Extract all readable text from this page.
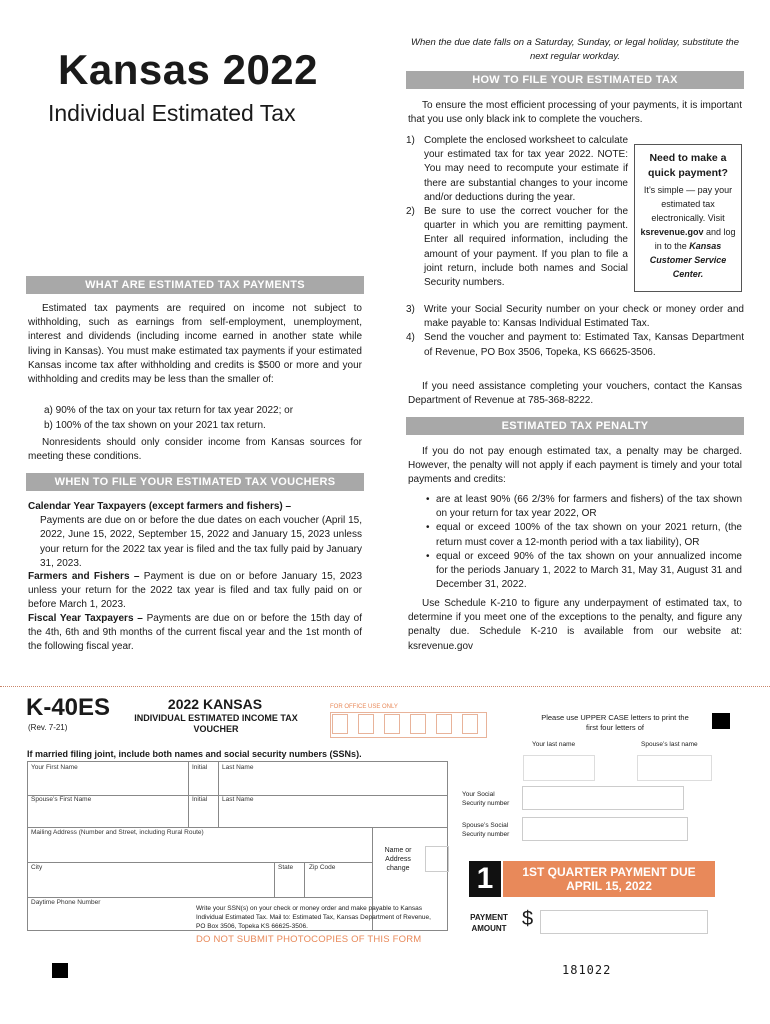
Kansas 2022
Individual Estimated Tax
WHAT ARE ESTIMATED TAX PAYMENTS
Estimated tax payments are required on income not subject to withholding, such as earnings from self-employment, unemployment, interest and dividends (including income earned in another state while living in Kansas). You must make estimated tax payments if your estimated Kansas income tax after withholding and credits is $500 or more and your withholding and credits may be less than the smaller of:
a) 90% of the tax on your tax return for tax year 2022; or
b) 100% of the tax shown on your 2021 tax return.
Nonresidents should only consider income from Kansas sources for meeting these conditions.
WHEN TO FILE YOUR ESTIMATED TAX VOUCHERS
Calendar Year Taxpayers (except farmers and fishers) –
Payments are due on or before the due dates on each voucher (April 15, 2022, June 15, 2022, September 15, 2022 and January 15, 2023 unless your return for the 2022 tax year is filed and the tax fully paid by January 31, 2023.
Farmers and Fishers – Payment is due on or before January 15, 2023 unless your return for the 2022 tax year is filed and tax fully paid on or before March 1, 2023.
Fiscal Year Taxpayers – Payments are due on or before the 15th day of the 4th, 6th and 9th months of the current fiscal year and the 1st month of the following fiscal year.
When the due date falls on a Saturday, Sunday, or legal holiday, substitute the next regular workday.
HOW TO FILE YOUR ESTIMATED TAX
To ensure the most efficient processing of your payments, it is important that you use only black ink to complete the vouchers.
1) Complete the enclosed worksheet to calculate your estimated tax for tax year 2022. NOTE: You may need to recompute your estimate if there are substantial changes to your income and/or deductions during the year.
2) Be sure to use the correct voucher for the quarter in which you are remitting payment. Enter all required information, including the amount of your payment. If you plan to file a joint return, include both names and Social Security numbers.
3) Write your Social Security number on your check or money order and make payable to: Kansas Individual Estimated Tax.
4) Send the voucher and payment to: Estimated Tax, Kansas Department of Revenue, PO Box 3506, Topeka, KS 66625-3506.
Need to make a quick payment?
It’s simple — pay your estimated tax electronically. Visit ksrevenue.gov and log in to the Kansas Customer Service Center.
If you need assistance completing your vouchers, contact the Kansas Department of Revenue at 785-368-8222.
ESTIMATED TAX PENALTY
If you do not pay enough estimated tax, a penalty may be charged. However, the penalty will not apply if each payment is timely and your total payments and credits:
• are at least 90% (66 2/3% for farmers and fishers) of the tax shown on your return for tax year 2022, OR
• equal or exceed 100% of the tax shown on your 2021 return, (the return must cover a 12-month period with a tax liability), OR
• equal or exceed 90% of the tax shown on your annualized income for the periods January 1, 2022 to March 31, May 31, August 31 and December 31, 2022.
Use Schedule K-210 to figure any underpayment of estimated tax, to determine if you meet one of the exceptions to the penalty, and figure any penalty due. Schedule K-210 is available from our website at: ksrevenue.gov
K-40ES
(Rev. 7-21)
2022 KANSAS
INDIVIDUAL ESTIMATED INCOME TAX VOUCHER
FOR OFFICE USE ONLY
Please use UPPER CASE letters to print the first four letters of
Your last name	Spouse’s last name
If married filing joint, include both names and social security numbers (SSNs).
Your First Name	Initial Last Name
Spouse’s First Name	Initial Last Name
Mailing Address (Number and Street, including Rural Route)
City	State Zip Code
Daytime Phone Number
Your Social Security number
Spouse’s Social Security number
Name or Address change 1	1ST QUARTER PAYMENT DUE
APRIL 15, 2022
PAYMENT AMOUNT $
Write your SSN(s) on your check or money order and make payable to Kansas Individual Estimated Tax. Mail to: Estimated Tax, Kansas Department of Revenue, PO Box 3506, Topeka KS 66625-3506.
DO NOT SUBMIT PHOTOCOPIES OF THIS FORM
181022
